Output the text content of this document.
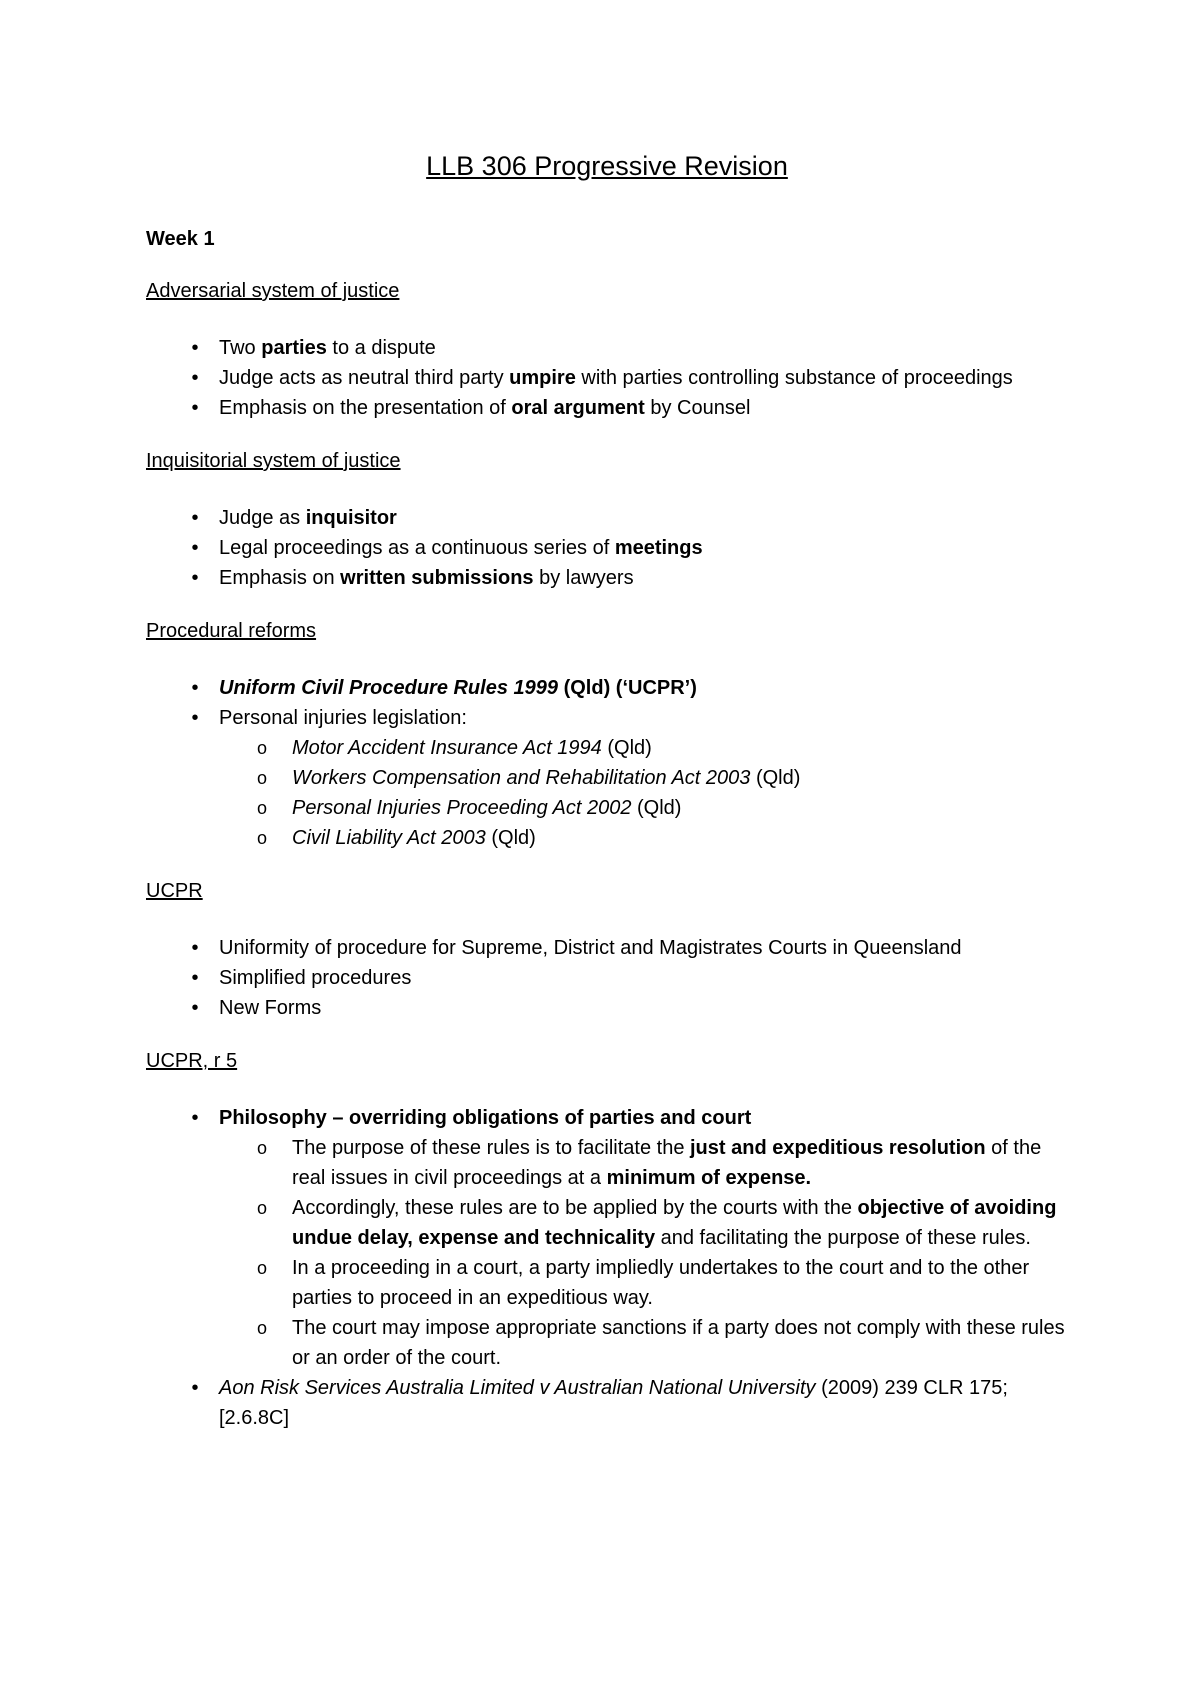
LLB 306 Progressive Revision
Week 1
Adversarial system of justice
•	Two parties to a dispute
•	Judge acts as neutral third party umpire with parties controlling substance of proceedings
•	Emphasis on the presentation of oral argument by Counsel
Inquisitorial system of justice
•	Judge as inquisitor
•	Legal proceedings as a continuous series of meetings
•	Emphasis on written submissions by lawyers
Procedural reforms
•	Uniform Civil Procedure Rules 1999 (Qld) (‘UCPR’)
•	Personal injuries legislation:
o Motor Accident Insurance Act 1994 (Qld)
o Workers Compensation and Rehabilitation Act 2003 (Qld)
o Personal Injuries Proceeding Act 2002 (Qld)
o Civil Liability Act 2003 (Qld)
UCPR
•	Uniformity of procedure for Supreme, District and Magistrates Courts in Queensland
•	Simplified procedures
•	New Forms
UCPR, r 5
•	Philosophy – overriding obligations of parties and court
o The purpose of these rules is to facilitate the just and expeditious resolution of the real issues in civil proceedings at a minimum of expense.
o Accordingly, these rules are to be applied by the courts with the objective of avoiding undue delay, expense and technicality and facilitating the purpose of these rules.
o In a proceeding in a court, a party impliedly undertakes to the court and to the other parties to proceed in an expeditious way.
o The court may impose appropriate sanctions if a party does not comply with these rules or an order of the court.
•	Aon Risk Services Australia Limited v Australian National University (2009) 239 CLR 175; [2.6.8C]
